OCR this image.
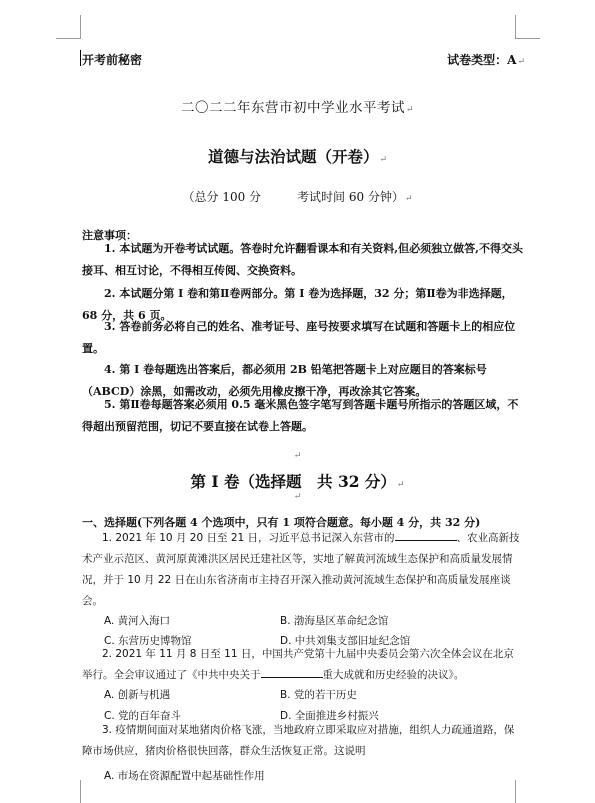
开考前秘密	试卷类型：A↵
二〇二二年东营市初中学业水平考试↵
道德与法治试题（开卷）↵
（总分 100 分	考试时间 60 分钟）↵
注意事项：
1. 本试题为开卷考试试题。答卷时允许翻看课本和有关资料,但必须独立做答,不得交头接耳、相互讨论，不得相互传阅、交换资料。
2. 本试题分第 I 卷和第Ⅱ卷两部分。第 I 卷为选择题，32 分；第Ⅱ卷为非选择题，68 分，共 6 页。
3. 答卷前务必将自己的姓名、准考证号、座号按要求填写在试题和答题卡上的相应位置。
4. 第 I 卷每题选出答案后，都必须用 2B 铅笔把答题卡上对应题目的答案标号（ABCD）涂黑，如需改动，必须先用橡皮擦干净，再改涂其它答案。
5. 第Ⅱ卷每题答案必须用 0.5 毫米黑色签字笔写到答题卡题号所指示的答题区域，不得超出预留范围，切记不要直接在试卷上答题。
↵
第 I 卷（选择题　共 32 分）↵
↵
一、选择题(下列各题 4 个选项中，只有 1 项符合题意。每小题 4 分，共 32 分)
1. 2021 年 10 月 20 日至 21 日，习近平总书记深入东营市的	、农业高新技术产业示范区、黄河原黄滩洪区居民迁建社区等，实地了解黄河流域生态保护和高质量发展情况，并于 10 月 22 日在山东省济南市主持召开深入推动黄河流域生态保护和高质量发展座谈会。
A. 黄河入海口	B. 渤海垦区革命纪念馆
C. 东营历史博物馆	D. 中共刘集支部旧址纪念馆
2. 2021 年 11 月 8 日至 11 日，中国共产党第十九届中央委员会第六次全体会议在北京举行。全会审议通过了《中共中央关于	重大成就和历史经验的决议》。
A. 创新与机遇	B. 党的若干历史
C. 党的百年奋斗	D. 全面推进乡村振兴
3. 疫情期间面对某地猪肉价格飞涨，当地政府立即采取应对措施，组织人力疏通道路，保障市场供应，猪肉价格很快回落，群众生活恢复正常。这说明
A. 市场在资源配置中起基础性作用
